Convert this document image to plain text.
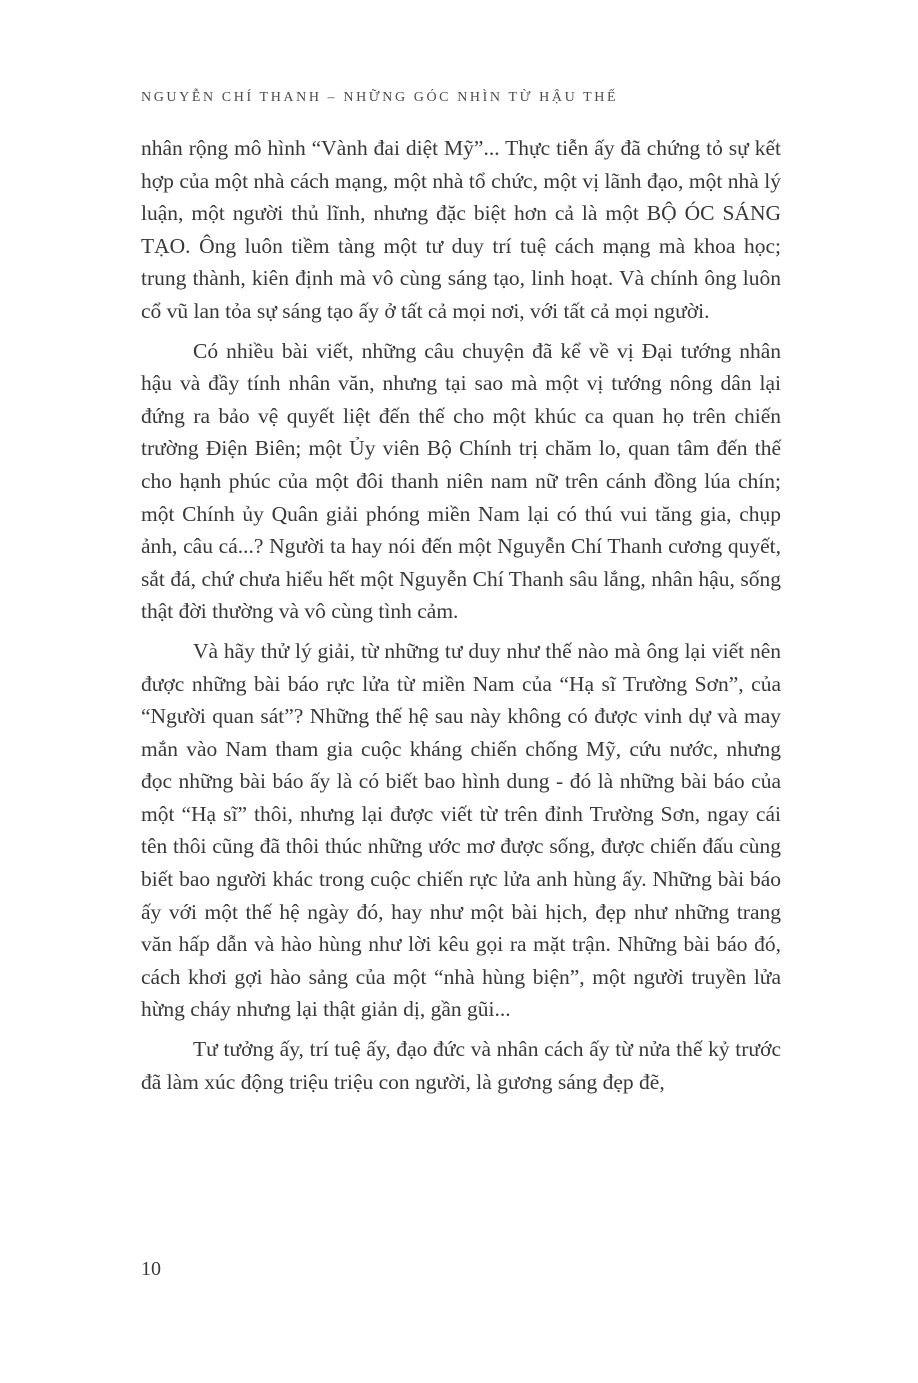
NGUYỄN CHÍ THANH – NHỮNG GÓC NHÌN TỪ HẬU THẾ

nhân rộng mô hình “Vành đai diệt Mỹ”... Thực tiễn ấy đã chứng tỏ sự kết hợp của một nhà cách mạng, một nhà tổ chức, một vị lãnh đạo, một nhà lý luận, một người thủ lĩnh, nhưng đặc biệt hơn cả là một BỘ ÓC SÁNG TẠO. Ông luôn tiềm tàng một tư duy trí tuệ cách mạng mà khoa học; trung thành, kiên định mà vô cùng sáng tạo, linh hoạt. Và chính ông luôn cổ vũ lan tỏa sự sáng tạo ấy ở tất cả mọi nơi, với tất cả mọi người.

Có nhiều bài viết, những câu chuyện đã kể về vị Đại tướng nhân hậu và đầy tính nhân văn, nhưng tại sao mà một vị tướng nông dân lại đứng ra bảo vệ quyết liệt đến thế cho một khúc ca quan họ trên chiến trường Điện Biên; một Ủy viên Bộ Chính trị chăm lo, quan tâm đến thế cho hạnh phúc của một đôi thanh niên nam nữ trên cánh đồng lúa chín; một Chính ủy Quân giải phóng miền Nam lại có thú vui tăng gia, chụp ảnh, câu cá...? Người ta hay nói đến một Nguyễn Chí Thanh cương quyết, sắt đá, chứ chưa hiểu hết một Nguyễn Chí Thanh sâu lắng, nhân hậu, sống thật đời thường và vô cùng tình cảm.

Và hãy thử lý giải, từ những tư duy như thế nào mà ông lại viết nên được những bài báo rực lửa từ miền Nam của “Hạ sĩ Trường Sơn”, của “Người quan sát”? Những thế hệ sau này không có được vinh dự và may mắn vào Nam tham gia cuộc kháng chiến chống Mỹ, cứu nước, nhưng đọc những bài báo ấy là có biết bao hình dung - đó là những bài báo của một “Hạ sĩ” thôi, nhưng lại được viết từ trên đỉnh Trường Sơn, ngay cái tên thôi cũng đã thôi thúc những ước mơ được sống, được chiến đấu cùng biết bao người khác trong cuộc chiến rực lửa anh hùng ấy. Những bài báo ấy với một thế hệ ngày đó, hay như một bài hịch, đẹp như những trang văn hấp dẫn và hào hùng như lời kêu gọi ra mặt trận. Những bài báo đó, cách khơi gợi hào sảng của một “nhà hùng biện”, một người truyền lửa hừng cháy nhưng lại thật giản dị, gần gũi...

Tư tưởng ấy, trí tuệ ấy, đạo đức và nhân cách ấy từ nửa thế kỷ trước đã làm xúc động triệu triệu con người, là gương sáng đẹp đẽ,

10
